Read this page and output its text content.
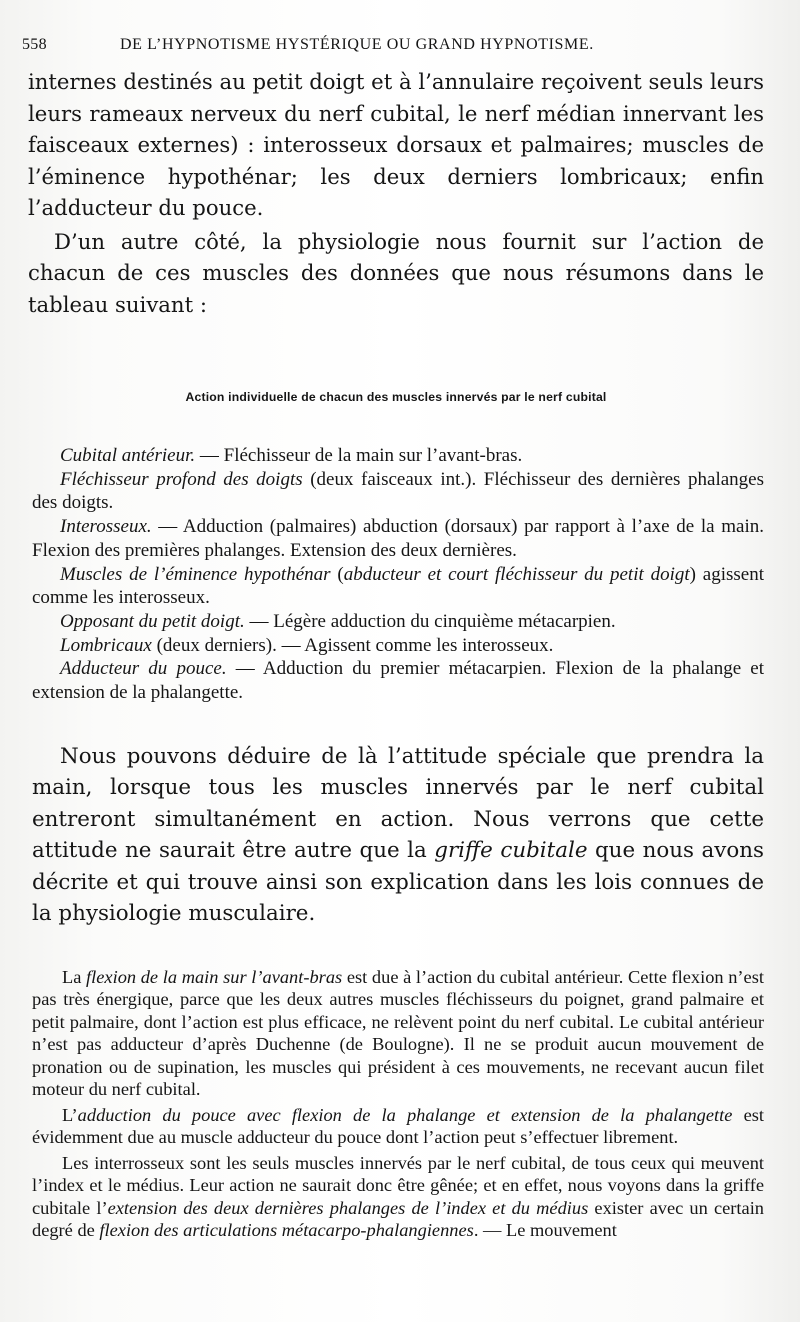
558	DE L’HYPNOTISME HYSTÉRIQUE OU GRAND HYPNOTISME.

internes destinés au petit doigt et à l’annulaire reçoivent seuls leurs leurs rameaux nerveux du nerf cubital, le nerf médian innervant les faisceaux externes) : interosseux dorsaux et palmaires; muscles de l’éminence hypothénar; les deux derniers lombricaux; enfin l’adducteur du pouce.

D’un autre côté, la physiologie nous fournit sur l’action de chacun de ces muscles des données que nous résumons dans le tableau suivant :

Action individuelle de chacun des muscles innervés par le nerf cubital

Cubital antérieur. — Fléchisseur de la main sur l’avant-bras.

Fléchisseur profond des doigts (deux faisceaux int.). Fléchisseur des dernières phalanges des doigts.

Interosseux. — Adduction (palmaires) abduction (dorsaux) par rapport à l’axe de la main. Flexion des premières phalanges. Extension des deux dernières.

Muscles de l’éminence hypothénar (abducteur et court fléchisseur du petit doigt) agissent comme les interosseux.

Opposant du petit doigt. — Légère adduction du cinquième métacarpien.

Lombricaux (deux derniers). — Agissent comme les interosseux.

Adducteur du pouce. — Adduction du premier métacarpien. Flexion de la phalange et extension de la phalangette.

Nous pouvons déduire de là l’attitude spéciale que prendra la main, lorsque tous les muscles innervés par le nerf cubital entreront simultanément en action. Nous verrons que cette attitude ne saurait être autre que la griffe cubitale que nous avons décrite et qui trouve ainsi son explication dans les lois connues de la physiologie musculaire.

La flexion de la main sur l’avant-bras est due à l’action du cubital antérieur. Cette flexion n’est pas très énergique, parce que les deux autres muscles fléchisseurs du poignet, grand palmaire et petit palmaire, dont l’action est plus efficace, ne relèvent point du nerf cubital. Le cubital antérieur n’est pas adducteur d’après Duchenne (de Boulogne). Il ne se produit aucun mouvement de pronation ou de supination, les muscles qui président à ces mouvements, ne recevant aucun filet moteur du nerf cubital.

L’adduction du pouce avec flexion de la phalange et extension de la phalangette est évidemment due au muscle adducteur du pouce dont l’action peut s’effectuer librement.

Les interrosseux sont les seuls muscles innervés par le nerf cubital, de tous ceux qui meuvent l’index et le médius. Leur action ne saurait donc être gênée; et en effet, nous voyons dans la griffe cubitale l’extension des deux dernières phalanges de l’index et du médius exister avec un certain degré de flexion des articulations métacarpo-phalangiennes. — Le mouvement
